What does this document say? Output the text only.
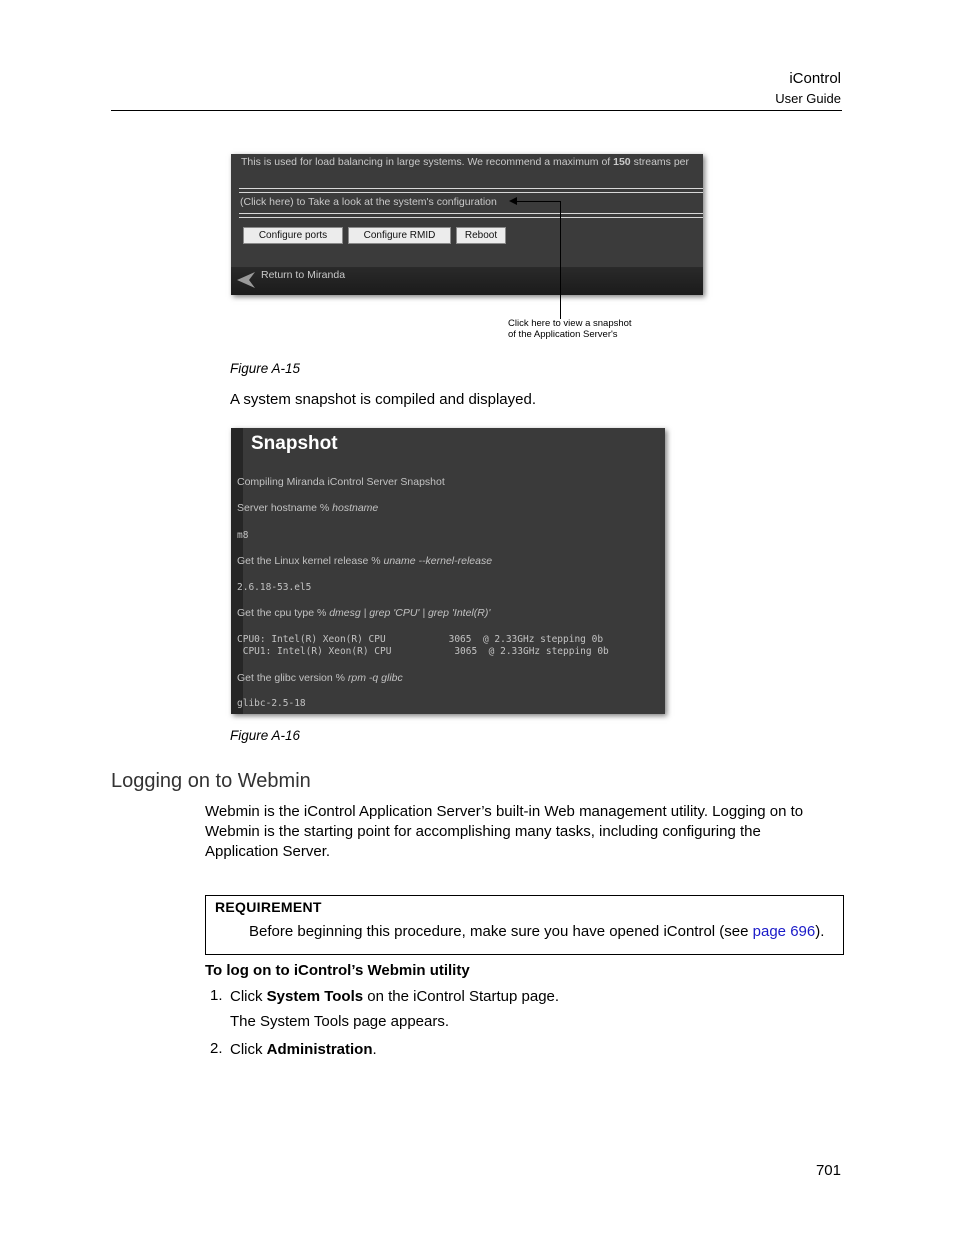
iControl
User Guide
This is used for load balancing in large systems. We recommend a maximum of 150 streams per
(Click here) to Take a look at the system's configuration
Configure ports	Configure RMID	Reboot
Return to Miranda
Click here to view a snapshot
of the Application Server's
Figure A-15
A system snapshot is compiled and displayed.
Snapshot
Compiling Miranda iControl Server Snapshot
Server hostname % hostname
m8
Get the Linux kernel release % uname --kernel-release
2.6.18-53.el5
Get the cpu type % dmesg | grep 'CPU' | grep 'Intel(R)'
CPU0: Intel(R) Xeon(R) CPU           3065  @ 2.33GHz stepping 0b
CPU1: Intel(R) Xeon(R) CPU           3065  @ 2.33GHz stepping 0b
Get the glibc version % rpm -q glibc
glibc-2.5-18
Figure A-16
Logging on to Webmin
Webmin is the iControl Application Server’s built-in Web management utility. Logging on to
Webmin is the starting point for accomplishing many tasks, including configuring the
Application Server.
REQUIREMENT
Before beginning this procedure, make sure you have opened iControl (see page 696).
To log on to iControl’s Webmin utility
1. Click System Tools on the iControl Startup page.
The System Tools page appears.
2. Click Administration.
701
